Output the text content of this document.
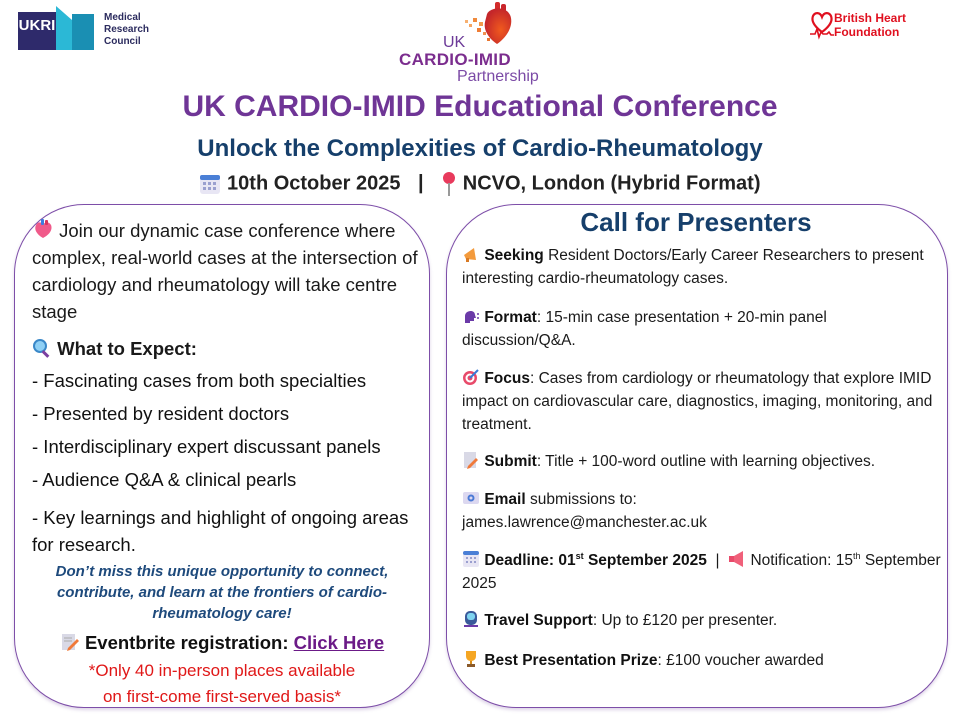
UKRI	Medical
Research
Council	UK
CARDIO-IMID
Partnership
British Heart
Foundation
UK CARDIO-IMID Educational Conference
Unlock the Complexities of Cardio-Rheumatology
10th October 2025 | NCVO, London (Hybrid Format)
Join our dynamic case conference where complex, real-world cases at the intersection of cardiology and rheumatology will take centre stage
What to Expect:
- Fascinating cases from both specialties
- Presented by resident doctors
- Interdisciplinary expert discussant panels
- Audience Q&A & clinical pearls
- Key learnings and highlight of ongoing areas for research.
Don’t miss this unique opportunity to connect, contribute, and learn at the frontiers of cardio-rheumatology care!
Eventbrite registration: Click Here
*Only 40 in-person places available
on first-come first-served basis*
Call for Presenters
Seeking Resident Doctors/Early Career Researchers to present interesting cardio-rheumatology cases.
Format: 15-min case presentation + 20-min panel discussion/Q&A.
Focus: Cases from cardiology or rheumatology that explore IMID impact on cardiovascular care, diagnostics, imaging, monitoring, and treatment.
Submit: Title + 100-word outline with learning objectives.
Email submissions to:
james.lawrence@manchester.ac.uk
Deadline: 01st September 2025 | Notification: 15th September 2025
Travel Support: Up to £120 per presenter.
Best Presentation Prize: £100 voucher awarded
